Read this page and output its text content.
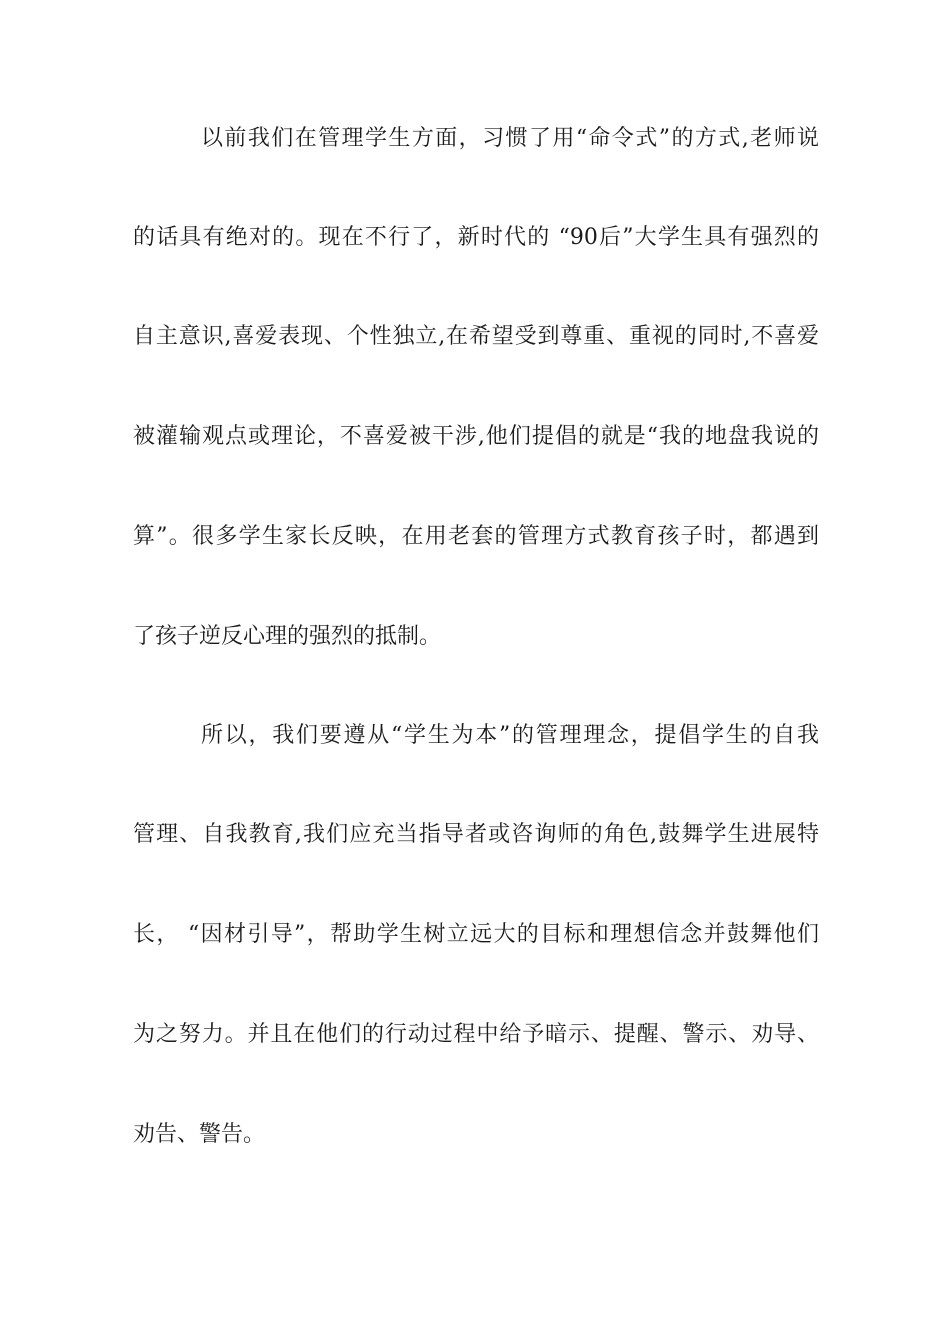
以前我们在管理学生方面，习惯了用“命令式”的方式,老师说
的话具有绝对的。现在不行了，新时代的 “90后”大学生具有强烈的
自主意识,喜爱表现、个性独立,在希望受到尊重、重视的同时,不喜爱
被灌输观点或理论，不喜爱被干涉,他们提倡的就是“我的地盘我说的
算”。很多学生家长反映，在用老套的管理方式教育孩子时，都遇到
了孩子逆反心理的强烈的抵制。
所以，我们要遵从“学生为本”的管理理念，提倡学生的自我
管理、自我教育,我们应充当指导者或咨询师的角色,鼓舞学生进展特
长， “因材引导”，帮助学生树立远大的目标和理想信念并鼓舞他们
为之努力。并且在他们的行动过程中给予暗示、提醒、警示、劝导、
劝告、警告。
